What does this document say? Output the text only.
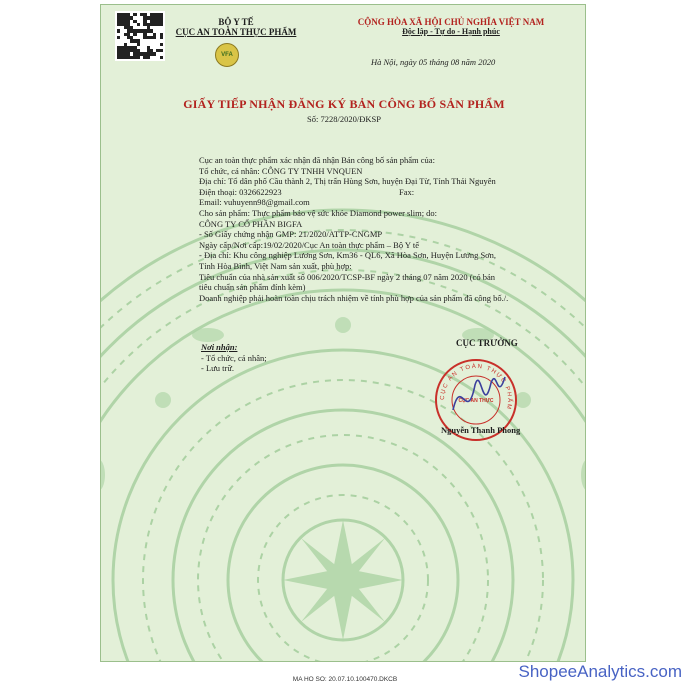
BỘ Y TẾ
CỤC AN TOÀN THỰC PHẨM
VFA
CỘNG HÒA XÃ HỘI CHỦ NGHĨA VIỆT NAM
Độc lập - Tự do - Hạnh phúc
Hà Nội, ngày 05 tháng 08 năm 2020
GIẤY TIẾP NHẬN ĐĂNG KÝ BẢN CÔNG BỐ SẢN PHẨM
Số: 7228/2020/ĐKSP
Cục an toàn thực phẩm xác nhận đã nhận Bản công bố sản phẩm của:
Tổ chức, cá nhân: CÔNG TY TNHH VNQUEN
Địa chỉ: Tổ dân phố Cầu thành 2, Thị trấn Hùng Sơn, huyện Đại Từ, Tỉnh Thái Nguyên
Điện thoại: 0326622923	Fax:
Email: vuhuyenn98@gmail.com
Cho sản phẩm: Thực phẩm bảo vệ sức khỏe Diamond power slim; do:
CÔNG TY CỔ PHẦN BIGFA
- Số Giấy chứng nhận GMP: 21/2020/ATTP-CNGMP
Ngày cấp/Nơi cấp:19/02/2020/Cục An toàn thực phẩm – Bộ Y tế
- Địa chỉ: Khu công nghiệp Lương Sơn, Km36 - QL6, Xã Hòa Sơn, Huyện Lương Sơn,
Tỉnh Hòa Bình, Việt Nam sản xuất, phù hợp:
Tiêu chuẩn của nhà sản xuất số 006/2020/TCSP-BF ngày 2 tháng 07 năm 2020 (có bản
tiêu chuẩn sản phẩm đính kèm)
Doanh nghiệp phải hoàn toàn chịu trách nhiệm về tính phù hợp của sản phẩm đã công bố./.
Nơi nhận:
- Tổ chức, cá nhân;
- Lưu trữ.
CỤC TRƯỞNG
CỤC AN TOÀN THỰC PHẨM
CỤC AN THỰC
Nguyễn Thanh Phong
ShopeeAnalytics.com
MA HO SO: 20.07.10.100470.DKCB
